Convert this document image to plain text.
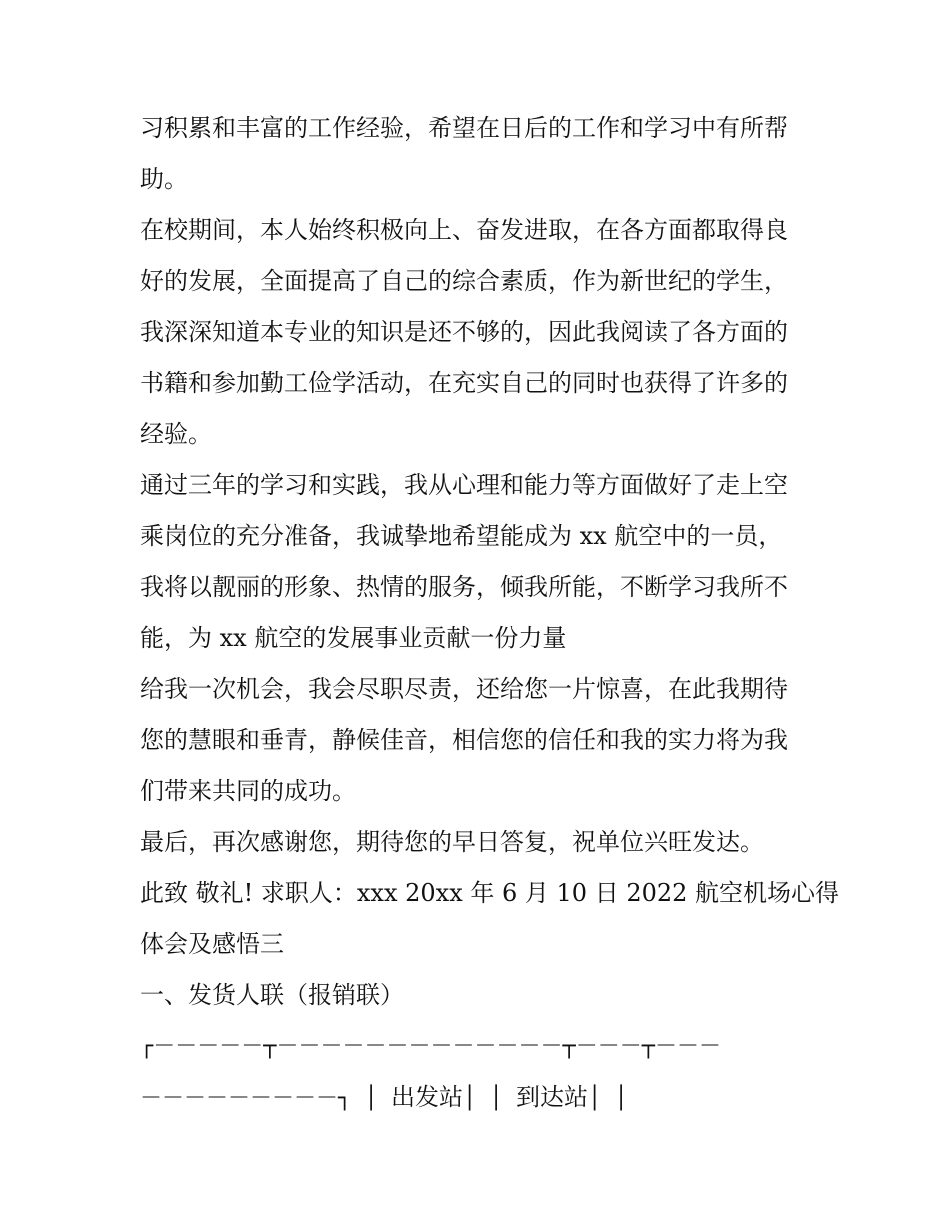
习积累和丰富的工作经验，希望在日后的工作和学习中有所帮
助。
在校期间，本人始终积极向上、奋发进取，在各方面都取得良
好的发展，全面提高了自己的综合素质，作为新世纪的学生，
我深深知道本专业的知识是还不够的，因此我阅读了各方面的
书籍和参加勤工俭学活动，在充实自己的同时也获得了许多的
经验。
通过三年的学习和实践，我从心理和能力等方面做好了走上空
乘岗位的充分准备，我诚挚地希望能成为 xx 航空中的一员，
我将以靓丽的形象、热情的服务，倾我所能，不断学习我所不
能，为 xx 航空的发展事业贡献一份力量
给我一次机会，我会尽职尽责，还给您一片惊喜，在此我期待
您的慧眼和垂青，静候佳音，相信您的信任和我的实力将为我
们带来共同的成功。
最后，再次感谢您，期待您的早日答复，祝单位兴旺发达。
此致 敬礼! 求职人：xxx 20xx 年 6 月 10 日 2022 航空机场心得
体会及感悟三
一、发货人联（报销联）
┌－－－－－┬－－－－－－－－－－－－－┬－－－┬－－－
－－－－－－－－－┐ │ 出发站│ │ 到达站│ │
